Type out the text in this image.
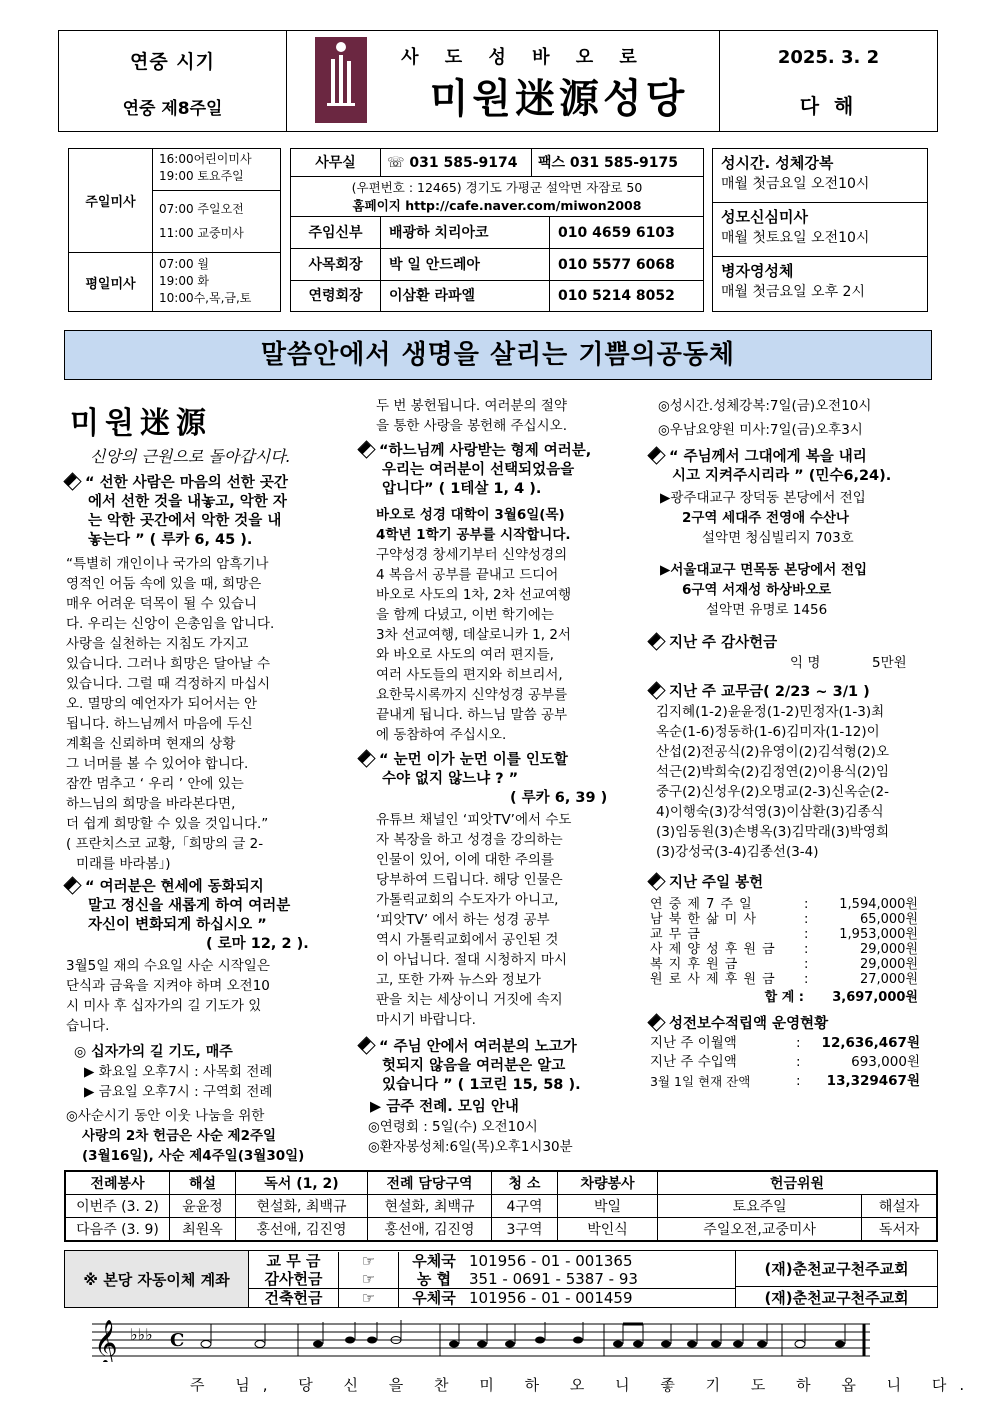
연중 시기
연중 제8주일
사 도 성 바 오 로
미원迷源성당
2025. 3. 2
다 해
주일미사
16:00어린이미사
19:00 토요주일
07:00 주일오전
11:00 교중미사
평일미사
07:00 월
19:00 화
10:00수,목,금,토
사무실	☏ 031 585-9174	팩스 031 585-9175
(우편번호 : 12465) 경기도 가평군 설악면 자잠로 50
홈페이지 http://cafe.naver.com/miwon2008
주임신부	배광하 치리아코	010 4659 6103
사목회장	박 일 안드레아	010 5577 6068
연령회장	이삼환 라파엘	010 5214 8052
성시간. 성체강복
매월 첫금요일 오전10시
성모신심미사
매월 첫토요일 오전10시
병자영성체
매월 첫금요일 오후 2시
말씀안에서 생명을 살리는 기쁨의공동체
미원迷源
신앙의 근원으로 돌아갑시다.
“ 선한 사람은 마음의 선한 곳간
에서 선한 것을 내놓고, 악한 자
는 악한 곳간에서 악한 것을 내
놓는다 ” ( 루카 6, 45 ).
“특별히 개인이나 국가의 암흑기나
영적인 어둠 속에 있을 때, 희망은
매우 어려운 덕목이 될 수 있습니
다. 우리는 신앙이 은총임을 압니다.
사랑을 실천하는 지침도 가지고
있습니다. 그러나 희망은 달아날 수
있습니다. 그럴 때 걱정하지 마십시
오. 멸망의 예언자가 되어서는 안
됩니다. 하느님께서 마음에 두신
계획을 신뢰하며 현재의 상황
그 너머를 볼 수 있어야 합니다.
잠깐 멈추고 ‘ 우리 ’ 안에 있는
하느님의 희망을 바라본다면,
더 쉽게 희망할 수 있을 것입니다.”
( 프란치스코 교황,「희망의 글 2-
미래를 바라봄」)
“ 여러분은 현세에 동화되지
말고 정신을 새롭게 하여 여러분
자신이 변화되게 하십시오 ”
( 로마 12, 2 ).
3월5일 재의 수요일 사순 시작일은
단식과 금육을 지켜야 하며 오전10
시 미사 후 십자가의 길 기도가 있
습니다.
◎ 십자가의 길 기도, 매주
▶ 화요일 오후7시 : 사목회 전례
▶ 금요일 오후7시 : 구역회 전례
◎사순시기 동안 이웃 나눔을 위한
사랑의 2차 헌금은 사순 제2주일
(3월16일), 사순 제4주일(3월30일)
두 번 봉헌됩니다. 여러분의 절약
을 통한 사랑을 봉헌해 주십시오.
“하느님께 사랑받는 형제 여러분,
우리는 여러분이 선택되었음을
압니다” ( 1테살 1, 4 ).
바오로 성경 대학이 3월6일(목)
4학년 1학기 공부를 시작합니다.
구약성경 창세기부터 신약성경의
4 복음서 공부를 끝내고 드디어
바오로 사도의 1차, 2차 선교여행
을 함께 다녔고, 이번 학기에는
3차 선교여행, 데살로니카 1, 2서
와 바오로 사도의 여러 편지들,
여러 사도들의 편지와 히브리서,
요한묵시록까지 신약성경 공부를
끝내게 됩니다. 하느님 말씀 공부
에 동참하여 주십시오.
“ 눈먼 이가 눈먼 이를 인도할
수야 없지 않느냐 ? ”
( 루카 6, 39 )
유튜브 채널인 ‘피앗TV’에서 수도
자 복장을 하고 성경을 강의하는
인물이 있어, 이에 대한 주의를
당부하여 드립니다. 해당 인물은
가톨릭교회의 수도자가 아니고,
‘피앗TV’ 에서 하는 성경 공부
역시 가톨릭교회에서 공인된 것
이 아닙니다. 절대 시청하지 마시
고, 또한 가짜 뉴스와 정보가
판을 치는 세상이니 거짓에 속지
마시기 바랍니다.
“ 주님 안에서 여러분의 노고가
헛되지 않음을 여러분은 알고
있습니다 ” ( 1코린 15, 58 ).
▶ 금주 전례. 모임 안내
◎연령회 : 5일(수) 오전10시
◎환자봉성체:6일(목)오후1시30분
◎성시간.성체강복:7일(금)오전10시
◎우남요양원 미사:7일(금)오후3시
“ 주님께서 그대에게 복을 내리
시고 지켜주시리라 ” (민수6,24).
▶광주대교구 장덕동 본당에서 전입
2구역 세대주 전영애 수산나
설악면 청심빌리지 703호
▶서울대교구 면목동 본당에서 전입
6구역 서재성 하상바오로
설악면 유명로 1456
지난 주 감사헌금
익 명	5만원
지난 주 교무금( 2/23 ~ 3/1 )
김지혜(1-2)윤윤정(1-2)민정자(1-3)최
옥순(1-6)정동하(1-6)김미자(1-12)이
산섭(2)전공식(2)유영이(2)김석형(2)오
석근(2)박희숙(2)김정연(2)이용식(2)임
중구(2)신성우(2)오명교(2-3)신옥순(2-
4)이행숙(3)강석영(3)이삼환(3)김종식
(3)임동원(3)손병옥(3)김막래(3)박영희
(3)강성국(3-4)김종선(3-4)
지난 주일 봉헌
연 중 제 7 주 일	:	1,594,000원
남 북 한 삶 미 사	:	65,000원
교 무 금	:	1,953,000원
사 제 양 성 후 원 금	:	29,000원
복 지 후 원 금	:	29,000원
원 로 사 제 후 원 금	:	27,000원
합 계 :	3,697,000원
성전보수적립액 운영현황
지난 주 이월액	:	12,636,467원
지난 주 수입액	:	693,000원
3월 1일 현재 잔액	:	13,329467원
전례봉사	해설	독서 (1, 2)	전례 담당구역	청 소	차량봉사	헌금위원	
이번주 (3. 2)	윤윤정	현설화, 최백규	현설화, 최백규	4구역	박일	토요주일	해설자
다음주 (3. 9)	최원옥	홍선애, 김진영	홍선애, 김진영	3구역	박인식	주일오전,교중미사	독서자
※ 본당 자동이체 계좌
교 무 금	☞	우체국 101956 - 01 - 001365
감사헌금	☞	농 협	351 - 0691 - 5387 - 93
건축헌금	☞	우체국 101956 - 01 - 001459
(재)춘천교구천주교회
(재)춘천교구천주교회
𝄞 ♭♭♭ C
주 님, 당 신 을 찬 미 하 오 니 좋 기 도 하 옵 니 다.
